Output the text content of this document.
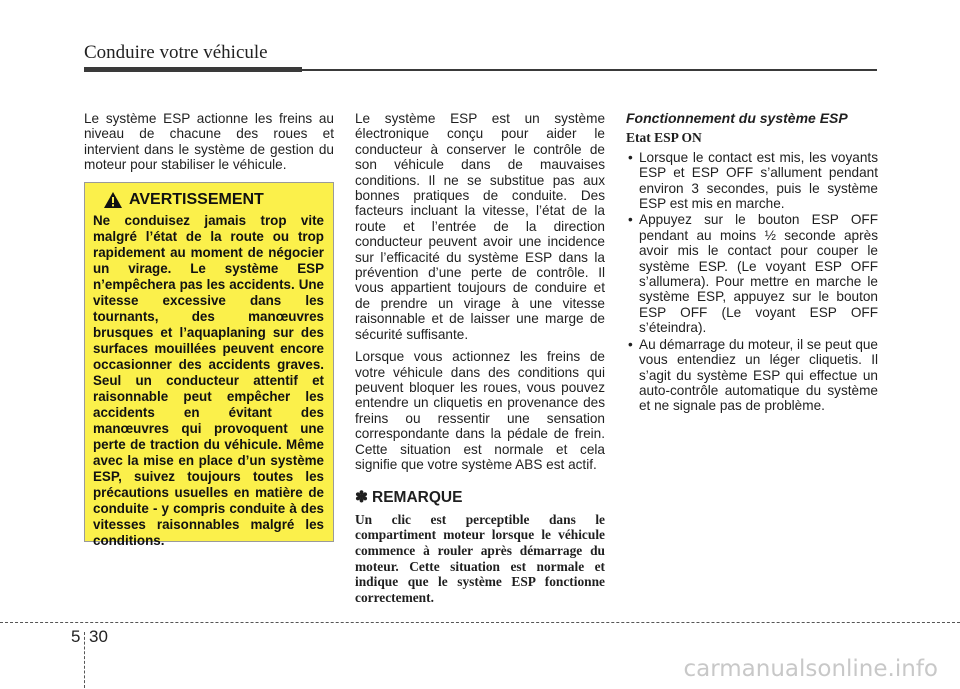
Conduire votre véhicule

Le système ESP actionne les freins au niveau de chacune des roues et intervient dans le système de gestion du moteur pour stabiliser le véhicule.

AVERTISSEMENT
Ne conduisez jamais trop vite malgré l’état de la route ou trop rapidement au moment de négocier un virage. Le système ESP n’empêchera pas les accidents. Une vitesse excessive dans les tournants, des manœuvres brusques et l’aquaplaning sur des surfaces mouillées peuvent encore occasionner des accidents graves. Seul un conducteur attentif et raisonnable peut empêcher les accidents en évitant des manœuvres qui provoquent une perte de traction du véhicule. Même avec la mise en place d’un système ESP, suivez toujours toutes les précautions usuelles en matière de conduite - y compris conduite à des vitesses raisonnables malgré les conditions.

Le système ESP est un système électronique conçu pour aider le conducteur à conserver le contrôle de son véhicule dans de mauvaises conditions. Il ne se substitue pas aux bonnes pratiques de conduite. Des facteurs incluant la vitesse, l’état de la route et l’entrée de la direction conducteur peuvent avoir une incidence sur l’efficacité du système ESP dans la prévention d’une perte de contrôle. Il vous appartient toujours de conduire et de prendre un virage à une vitesse raisonnable et de laisser une marge de sécurité suffisante.

Lorsque vous actionnez les freins de votre véhicule dans des conditions qui peuvent bloquer les roues, vous pouvez entendre un cliquetis en provenance des freins ou ressentir une sensation correspondante dans la pédale de frein. Cette situation est normale et cela signifie que votre système ABS est actif.

✽ REMARQUE
Un clic est perceptible dans le compartiment moteur lorsque le véhicule commence à rouler après démarrage du moteur. Cette situation est normale et indique que le système ESP fonctionne correctement.
Fonctionnement du système ESP
Etat ESP ON
• Lorsque le contact est mis, les voyants ESP et ESP OFF s’allument pendant environ 3 secondes, puis le système ESP est mis en marche.
• Appuyez sur le bouton ESP OFF pendant au moins ½ seconde après avoir mis le contact pour couper le système ESP. (Le voyant ESP OFF s’allumera). Pour mettre en marche le système ESP, appuyez sur le bouton ESP OFF (Le voyant ESP OFF s’éteindra).
• Au démarrage du moteur, il se peut que vous entendiez un léger cliquetis. Il s’agit du système ESP qui effectue un auto-contrôle automatique du système et ne signale pas de problème.
5 30
carmanualsonline.info
